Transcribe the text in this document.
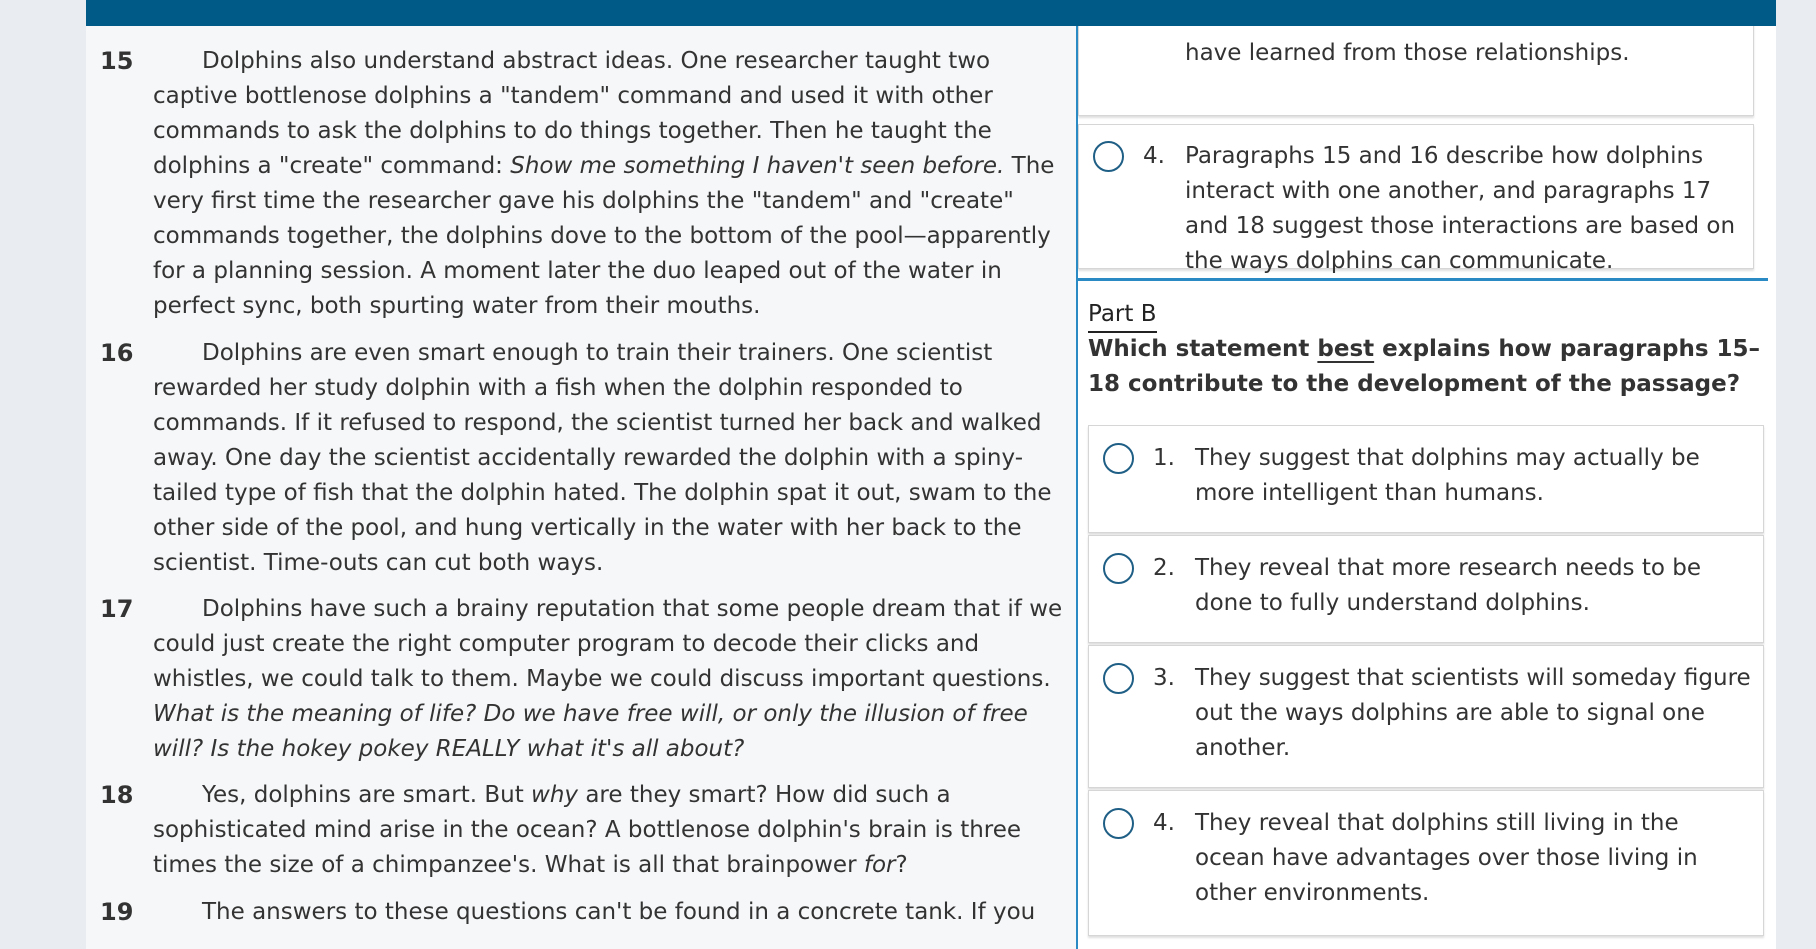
15	Dolphins also understand abstract ideas. One researcher taught two captive bottlenose dolphins a "tandem" command and used it with other commands to ask the dolphins to do things together. Then he taught the dolphins a "create" command: Show me something I haven't seen before. The very first time the researcher gave his dolphins the "tandem" and "create" commands together, the dolphins dove to the bottom of the pool—apparently for a planning session. A moment later the duo leaped out of the water in perfect sync, both spurting water from their mouths.

16	Dolphins are even smart enough to train their trainers. One scientist rewarded her study dolphin with a fish when the dolphin responded to commands. If it refused to respond, the scientist turned her back and walked away. One day the scientist accidentally rewarded the dolphin with a spiny-tailed type of fish that the dolphin hated. The dolphin spat it out, swam to the other side of the pool, and hung vertically in the water with her back to the scientist. Time-outs can cut both ways.

17	Dolphins have such a brainy reputation that some people dream that if we could just create the right computer program to decode their clicks and whistles, we could talk to them. Maybe we could discuss important questions. What is the meaning of life? Do we have free will, or only the illusion of free will? Is the hokey pokey REALLY what it's all about?

18	Yes, dolphins are smart. But why are they smart? How did such a sophisticated mind arise in the ocean? A bottlenose dolphin's brain is three times the size of a chimpanzee's. What is all that brainpower for?

19	The answers to these questions can't be found in a concrete tank. If you

have learned from those relationships.

4. Paragraphs 15 and 16 describe how dolphins interact with one another, and paragraphs 17 and 18 suggest those interactions are based on the ways dolphins can communicate.

Part B

Which statement best explains how paragraphs 15–18 contribute to the development of the passage?

1. They suggest that dolphins may actually be more intelligent than humans.

2. They reveal that more research needs to be done to fully understand dolphins.

3. They suggest that scientists will someday figure out the ways dolphins are able to signal one another.

4. They reveal that dolphins still living in the ocean have advantages over those living in other environments.
